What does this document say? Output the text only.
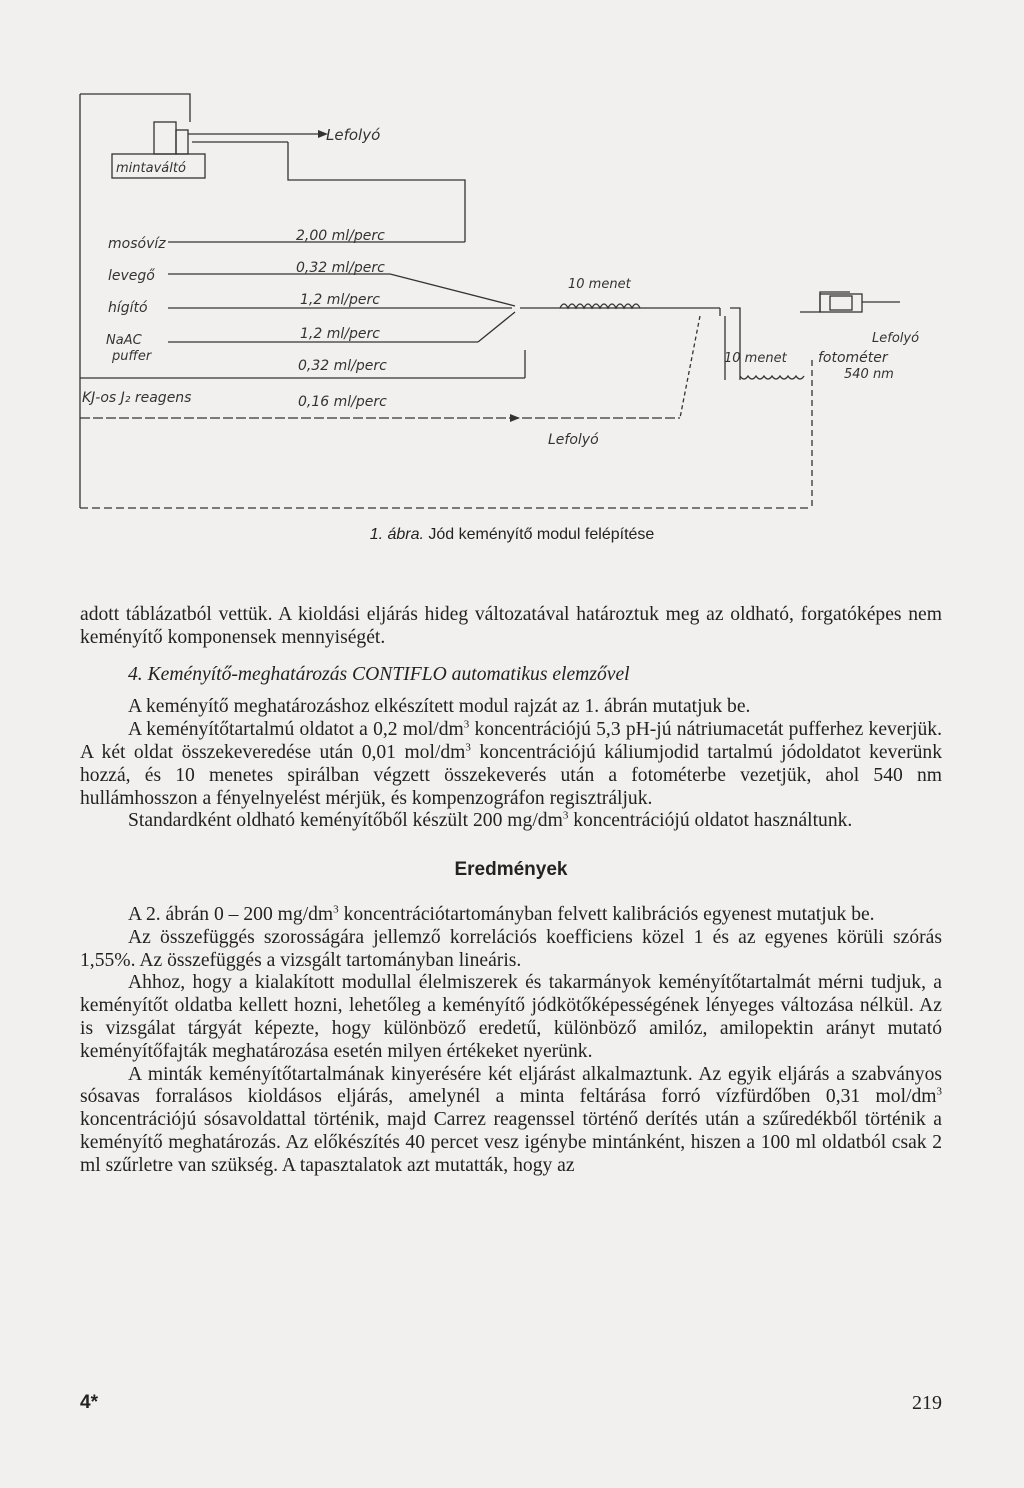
Lefolyó
mintaváltó
mosóvíz
levegő
hígító
NaAC
puffer
KJ-os J₂ reagens
2,00 ml/perc
0,32 ml/perc
1,2 ml/perc
1,2 ml/perc
0,32 ml/perc
0,16 ml/perc
10 menet
10 menet
Lefolyó
fotométer
540 nm
Lefolyó
1. ábra. Jód keményítő modul felépítése

adott táblázatból vettük. A kioldási eljárás hideg változatával határoztuk meg az oldható, forgatóképes nem keményítő komponensek mennyiségét.

4. Keményítő-meghatározás CONTIFLO automatikus elemzővel

A keményítő meghatározáshoz elkészített modul rajzát az 1. ábrán mutatjuk be.

A keményítőtartalmú oldatot a 0,2 mol/$dm^3$ koncentrációjú 5,3 pH-jú nátriumacetát pufferhez keverjük. A két oldat összekeveredése után 0,01 mol/$dm^3$ koncentrációjú káliumjodid tartalmú jódoldatot keverünk hozzá, és 10 menetes spirálban végzett összekeverés után a fotométerbe vezetjük, ahol 540 nm hullámhosszon a fényelnyelést mérjük, és kompenzográfon regisztráljuk.

Standardként oldható keményítőből készült 200 $mg/dm^3$ koncentrációjú oldatot használtunk.

Eredmények

A 2. ábrán 0 – 200 $mg/dm^3$ koncentrációtartományban felvett kalibrációs egyenest mutatjuk be.

Az összefüggés szorosságára jellemző korrelációs koefficiens közel 1 és az egyenes körüli szórás 1,55%. Az összefüggés a vizsgált tartományban lineáris.

Ahhoz, hogy a kialakított modullal élelmiszerek és takarmányok keményítőtartalmát mérni tudjuk, a keményítőt oldatba kellett hozni, lehetőleg a keményítő jódkötőképességének lényeges változása nélkül. Az is vizsgálat tárgyát képezte, hogy különböző eredetű, különböző amilóz, amilopektin arányt mutató keményítőfajták meghatározása esetén milyen értékeket nyerünk.

A minták keményítőtartalmának kinyerésére két eljárást alkalmaztunk. Az egyik eljárás a szabványos sósavas forralásos kioldásos eljárás, amelynél a minta feltárása forró vízfürdőben 0,31 mol/$dm^3$ koncentrációjú sósavoldattal történik, majd Carrez reagenssel történő derítés után a szűredékből történik a keményítő meghatározás. Az előkészítés 40 percet vesz igénybe mintánként, hiszen a 100 ml oldatból csak 2 ml szűrletre van szükség. A tapasztalatok azt mutatták, hogy az

4*	219
